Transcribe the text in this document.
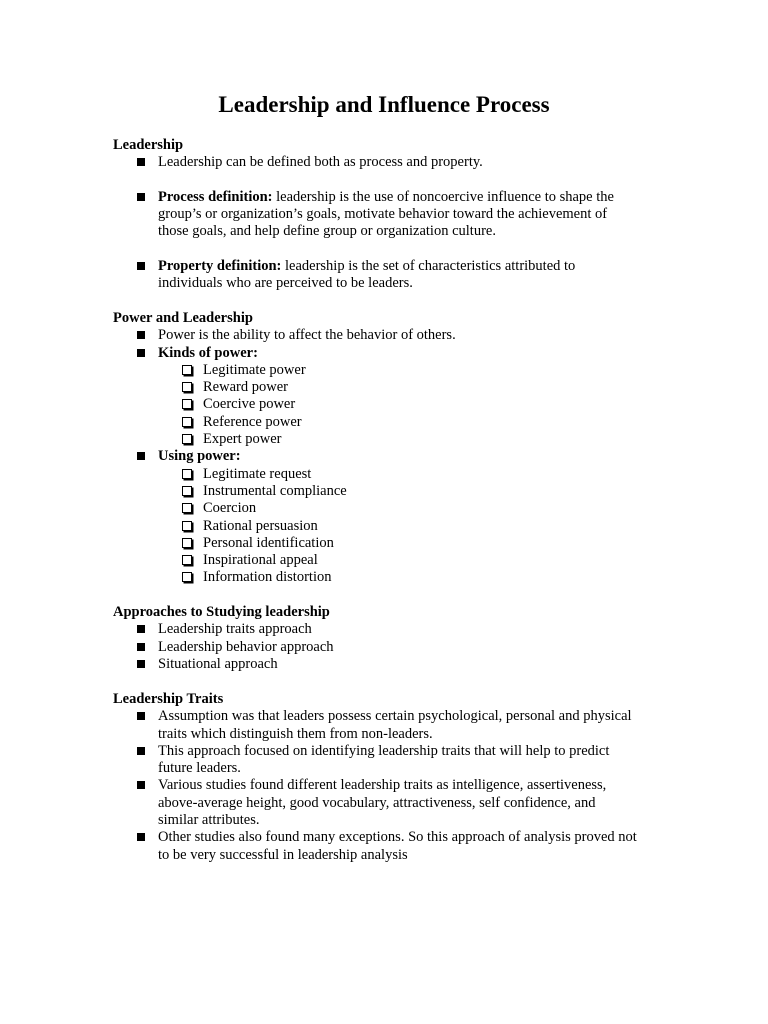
Leadership and Influence Process

Leadership

Leadership can be defined both as process and property.
Process definition: leadership is the use of noncoercive influence to shape the group’s or organization’s goals, motivate behavior toward the achievement of those goals, and help define group or organization culture.
Property definition: leadership is the set of characteristics attributed to individuals who are perceived to be leaders.

Power and Leadership

Power is the ability to affect the behavior of others.
Kinds of power:
Legitimate power
Reward power
Coercive power
Reference power
Expert power
Using power:
Legitimate request
Instrumental compliance
Coercion
Rational persuasion
Personal identification
Inspirational appeal
Information distortion

Approaches to Studying leadership

Leadership traits approach
Leadership behavior approach
Situational approach

Leadership Traits

Assumption was that leaders possess certain psychological, personal and physical traits which distinguish them from non-leaders.
This approach focused on identifying leadership traits that will help to predict future leaders.
Various studies found different leadership traits as intelligence, assertiveness, above-average height, good vocabulary, attractiveness, self confidence, and similar attributes.
Other studies also found many exceptions. So this approach of analysis proved not to be very successful in leadership analysis
